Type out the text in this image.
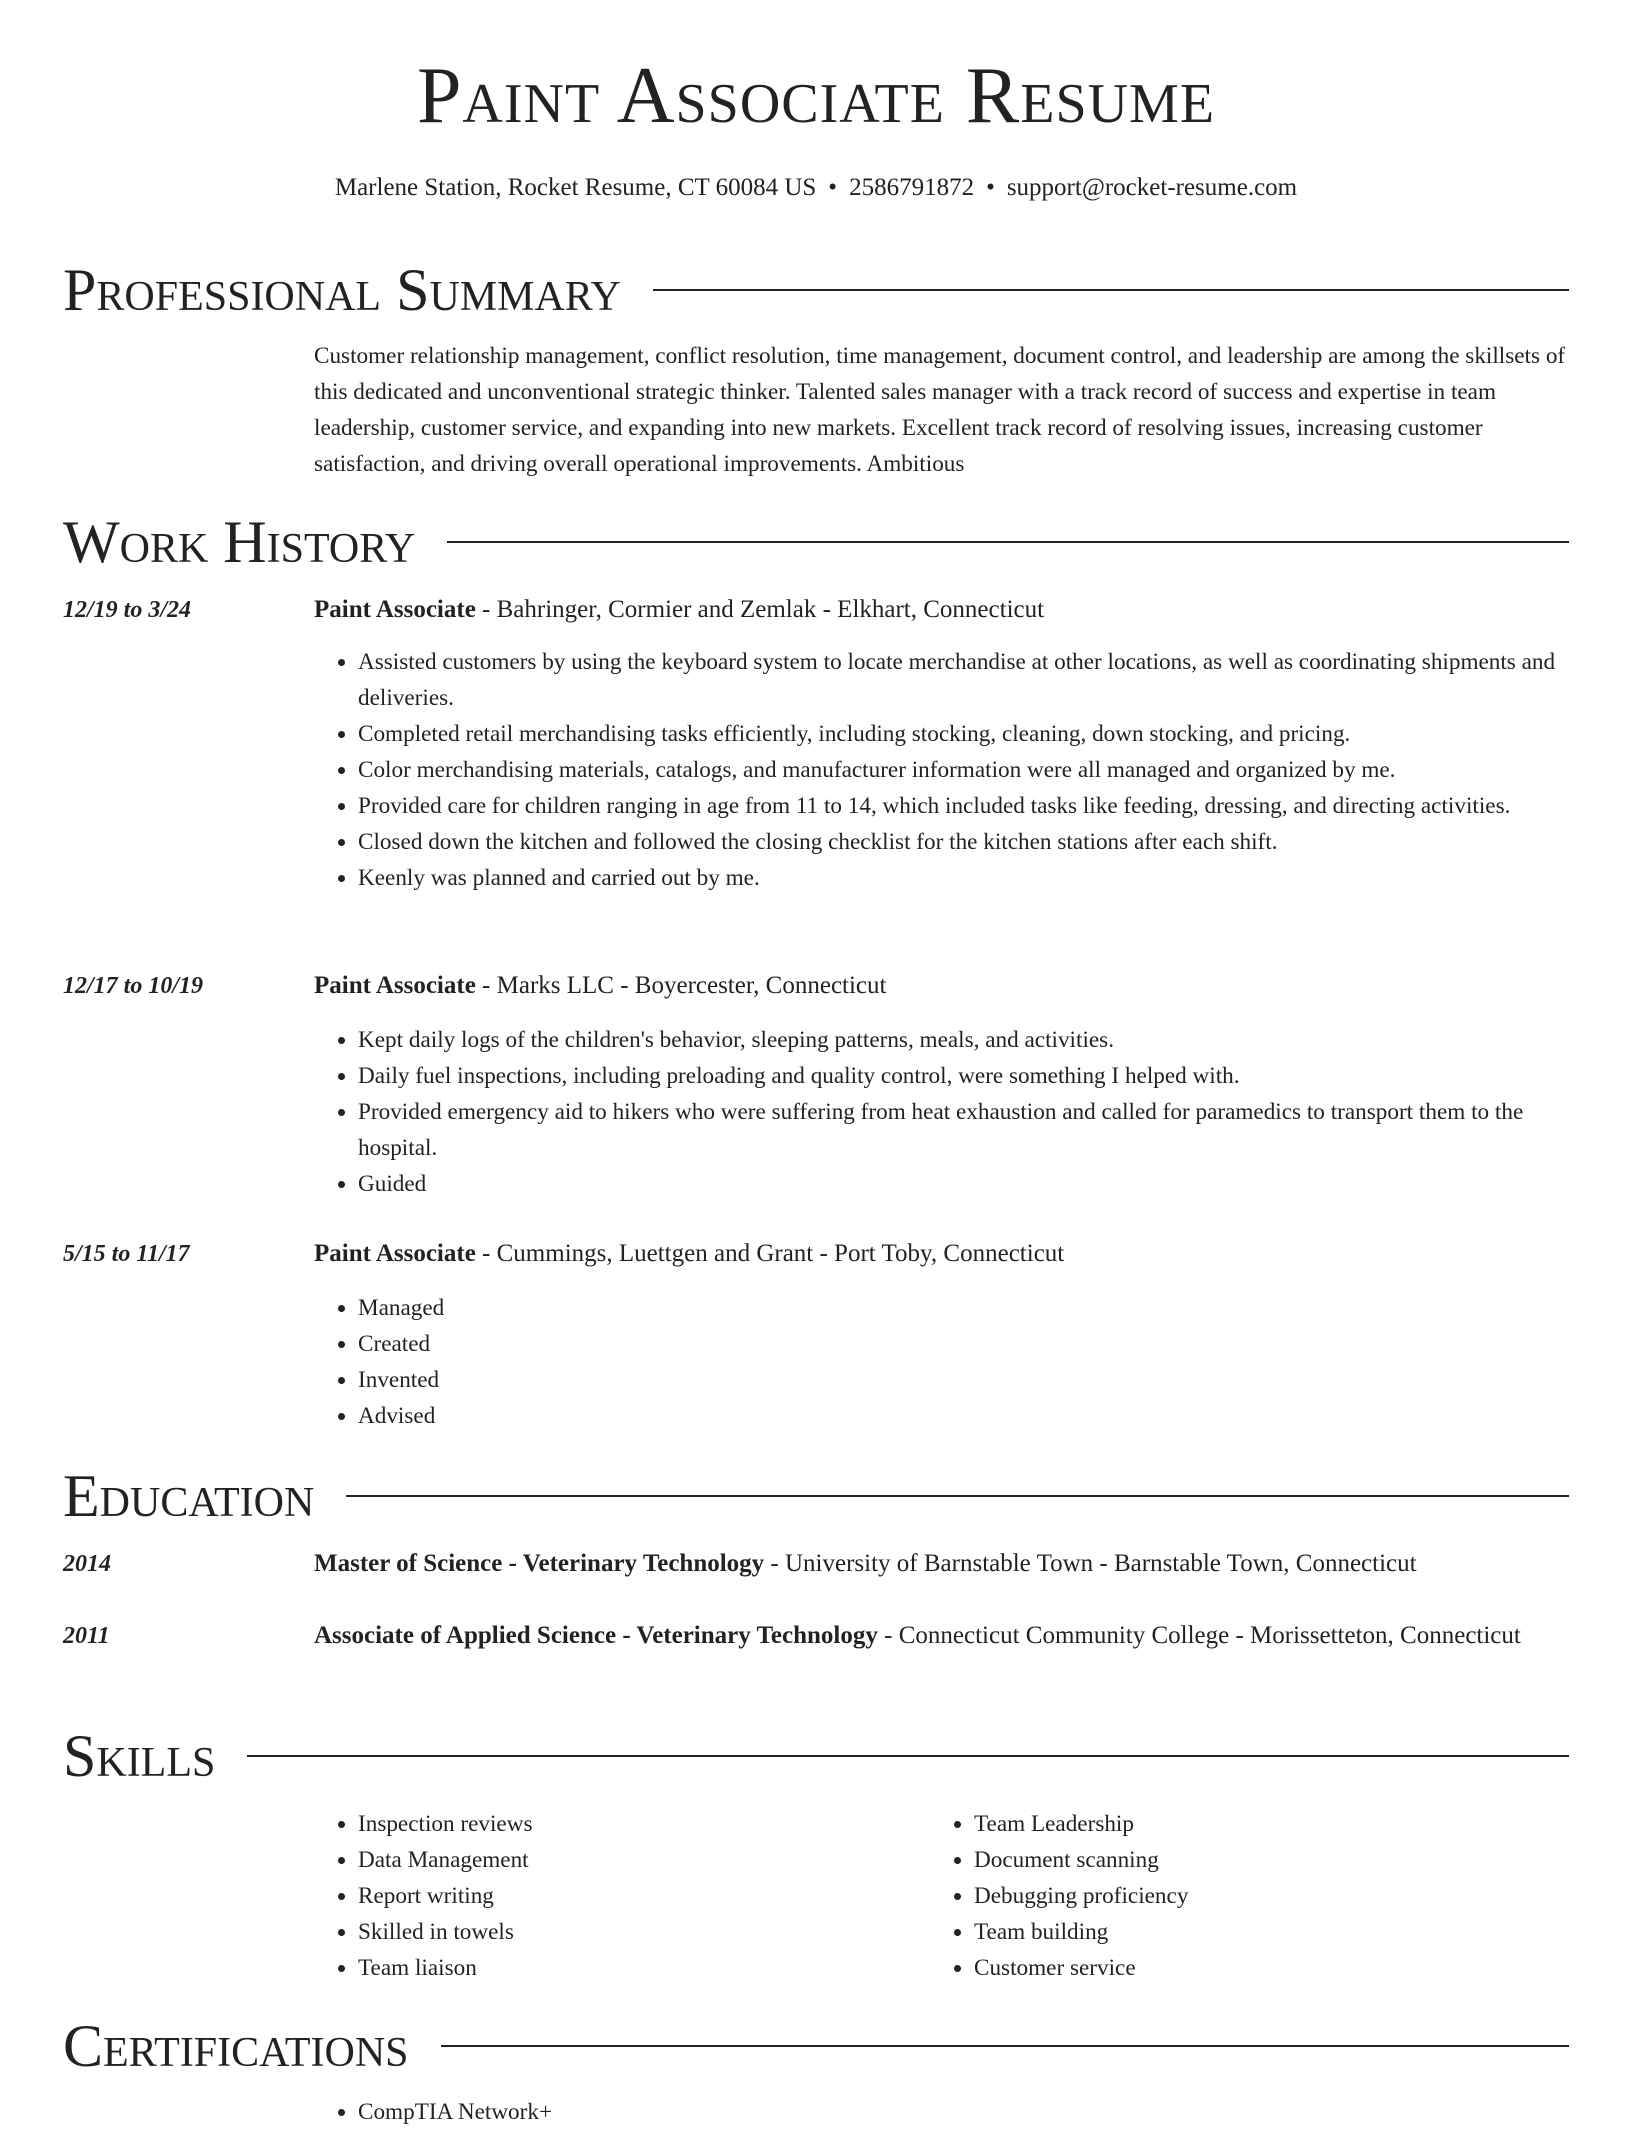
Paint Associate Resume
Marlene Station, Rocket Resume, CT 60084 US • 2586791872 • support@rocket-resume.com
Professional Summary
Customer relationship management, conflict resolution, time management, document control, and leadership are among the skillsets of this dedicated and unconventional strategic thinker. Talented sales manager with a track record of success and expertise in team leadership, customer service, and expanding into new markets. Excellent track record of resolving issues, increasing customer satisfaction, and driving overall operational improvements. Ambitious
Work History
12/19 to 3/24	Paint Associate - Bahringer, Cormier and Zemlak - Elkhart, Connecticut
• Assisted customers by using the keyboard system to locate merchandise at other locations, as well as coordinating shipments and deliveries.
• Completed retail merchandising tasks efficiently, including stocking, cleaning, down stocking, and pricing.
• Color merchandising materials, catalogs, and manufacturer information were all managed and organized by me.
• Provided care for children ranging in age from 11 to 14, which included tasks like feeding, dressing, and directing activities.
• Closed down the kitchen and followed the closing checklist for the kitchen stations after each shift.
• Keenly was planned and carried out by me.
12/17 to 10/19	Paint Associate - Marks LLC - Boyercester, Connecticut
• Kept daily logs of the children's behavior, sleeping patterns, meals, and activities.
• Daily fuel inspections, including preloading and quality control, were something I helped with.
• Provided emergency aid to hikers who were suffering from heat exhaustion and called for paramedics to transport them to the hospital.
• Guided
5/15 to 11/17	Paint Associate - Cummings, Luettgen and Grant - Port Toby, Connecticut
• Managed
• Created
• Invented
• Advised
Education
2014	Master of Science - Veterinary Technology - University of Barnstable Town - Barnstable Town, Connecticut
2011	Associate of Applied Science - Veterinary Technology - Connecticut Community College - Morissetteton, Connecticut
Skills
• Inspection reviews
• Data Management
• Report writing
• Skilled in towels
• Team liaison
• Team Leadership
• Document scanning
• Debugging proficiency
• Team building
• Customer service
Certifications
• CompTIA Network+
